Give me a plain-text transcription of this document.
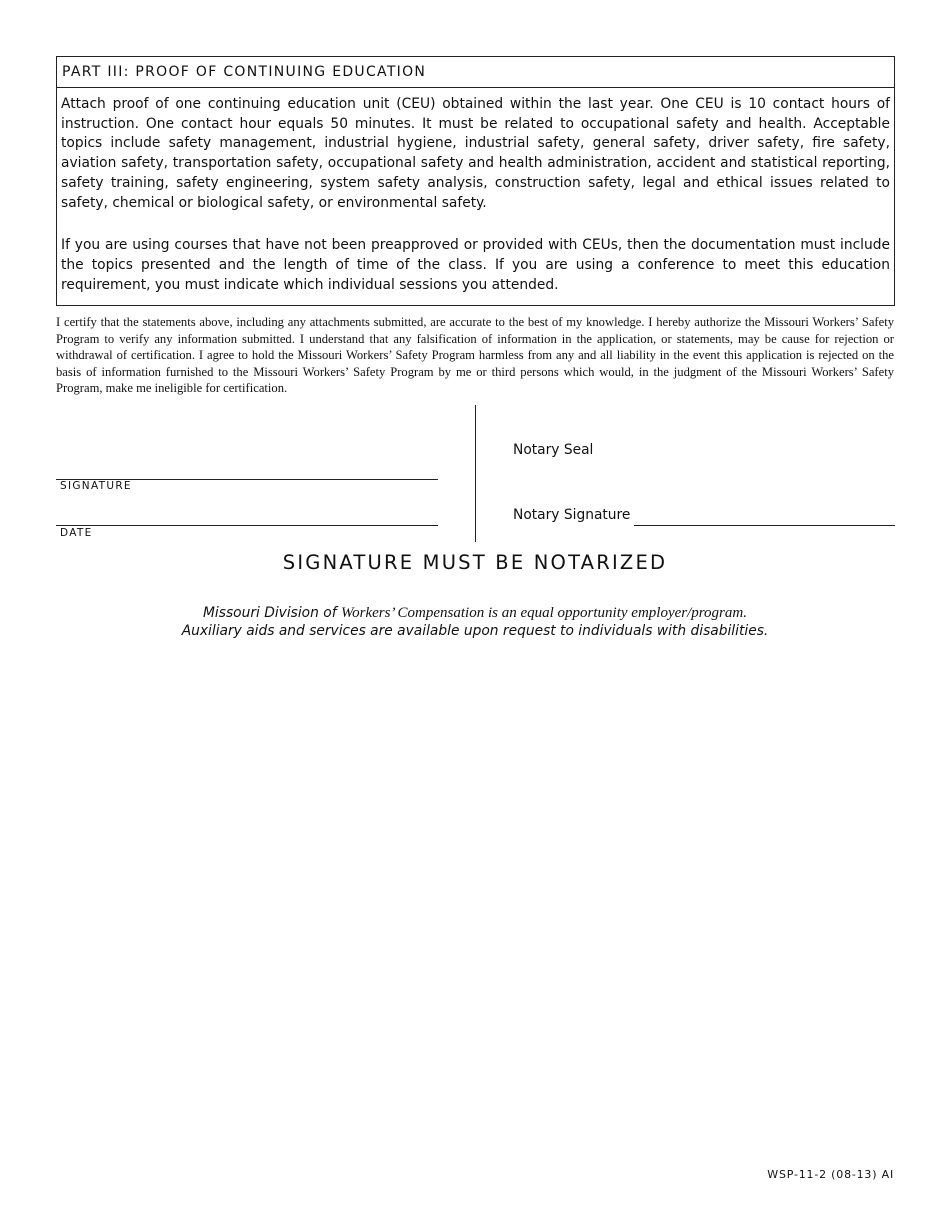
PART III: PROOF OF CONTINUING EDUCATION

Attach proof of one continuing education unit (CEU) obtained within the last year. One CEU is 10 contact hours of instruction. One contact hour equals 50 minutes. It must be related to occupational safety and health. Acceptable topics include safety management, industrial hygiene, industrial safety, general safety, driver safety, fire safety, aviation safety, transportation safety, occupational safety and health administration, accident and statistical reporting, safety training, safety engineering, system safety analysis, construction safety, legal and ethical issues related to safety, chemical or biological safety, or environmental safety.

If you are using courses that have not been preapproved or provided with CEUs, then the documentation must include the topics presented and the length of time of the class. If you are using a conference to meet this education requirement, you must indicate which individual sessions you attended.

I certify that the statements above, including any attachments submitted, are accurate to the best of my knowledge. I hereby authorize the Missouri Workers’ Safety Program to verify any information submitted. I understand that any falsification of information in the application, or statements, may be cause for rejection or withdrawal of certification. I agree to hold the Missouri Workers’ Safety Program harmless from any and all liability in the event this application is rejected on the basis of information furnished to the Missouri Workers’ Safety Program by me or third persons which would, in the judgment of the Missouri Workers’ Safety Program, make me ineligible for certification.
SIGNATURE
DATE
Notary Seal
Notary Signature
SIGNATURE MUST BE NOTARIZED
Missouri Division of Workers’ Compensation is an equal opportunity employer/program.
Auxiliary aids and services are available upon request to individuals with disabilities.
WSP-11-2 (08-13) AI
